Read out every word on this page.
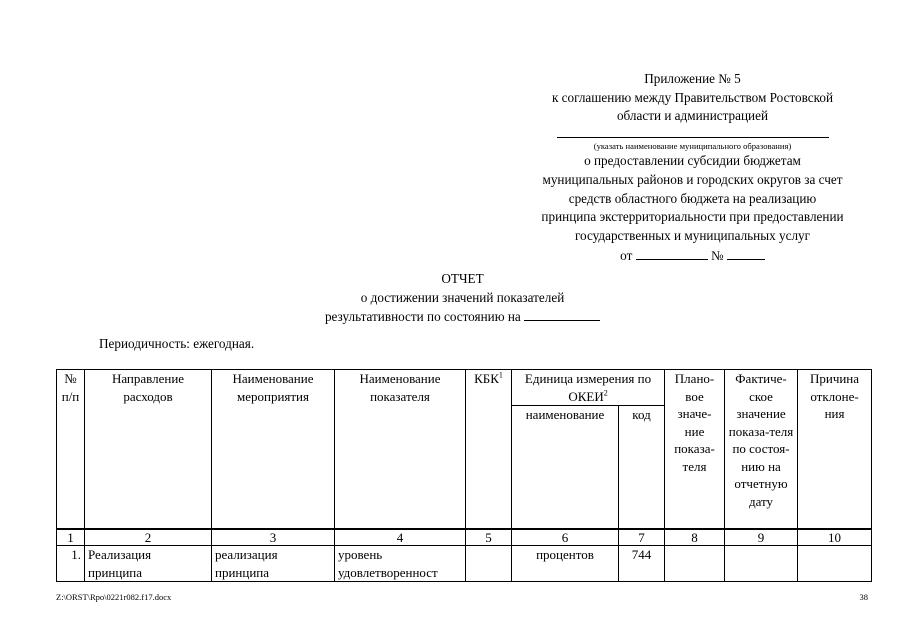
Приложение № 5
к соглашению между Правительством Ростовской
области и администрацией
(указать наименование муниципального образования)
о предоставлении субсидии бюджетам
муниципальных районов и городских округов за счет
средств областного бюджета на реализацию
принципа экстерриториальности при предоставлении
государственных и муниципальных услуг
от	№
ОТЧЕТ
о достижении значений показателей
результативности по состоянию на
Периодичность: ежегодная.
№ п/п	Направление расходов	Наименование мероприятия	Наименование показателя	КБК$^1$	Единица измерения по ОКЕИ$^2$		Плано-вое значе-ние показа-теля	Фактиче-ское значение показа-теля по состоя-нию на отчетную дату	Причина отклоне-ния
					наименование	код			
1	2	3	4	5	6	7	8	9	10
1.	Реализация принципа	реализация принципа	уровень удовлетворенност		процентов	744			
Z:\ORST\Rpo\0221r082.f17.docx	38
